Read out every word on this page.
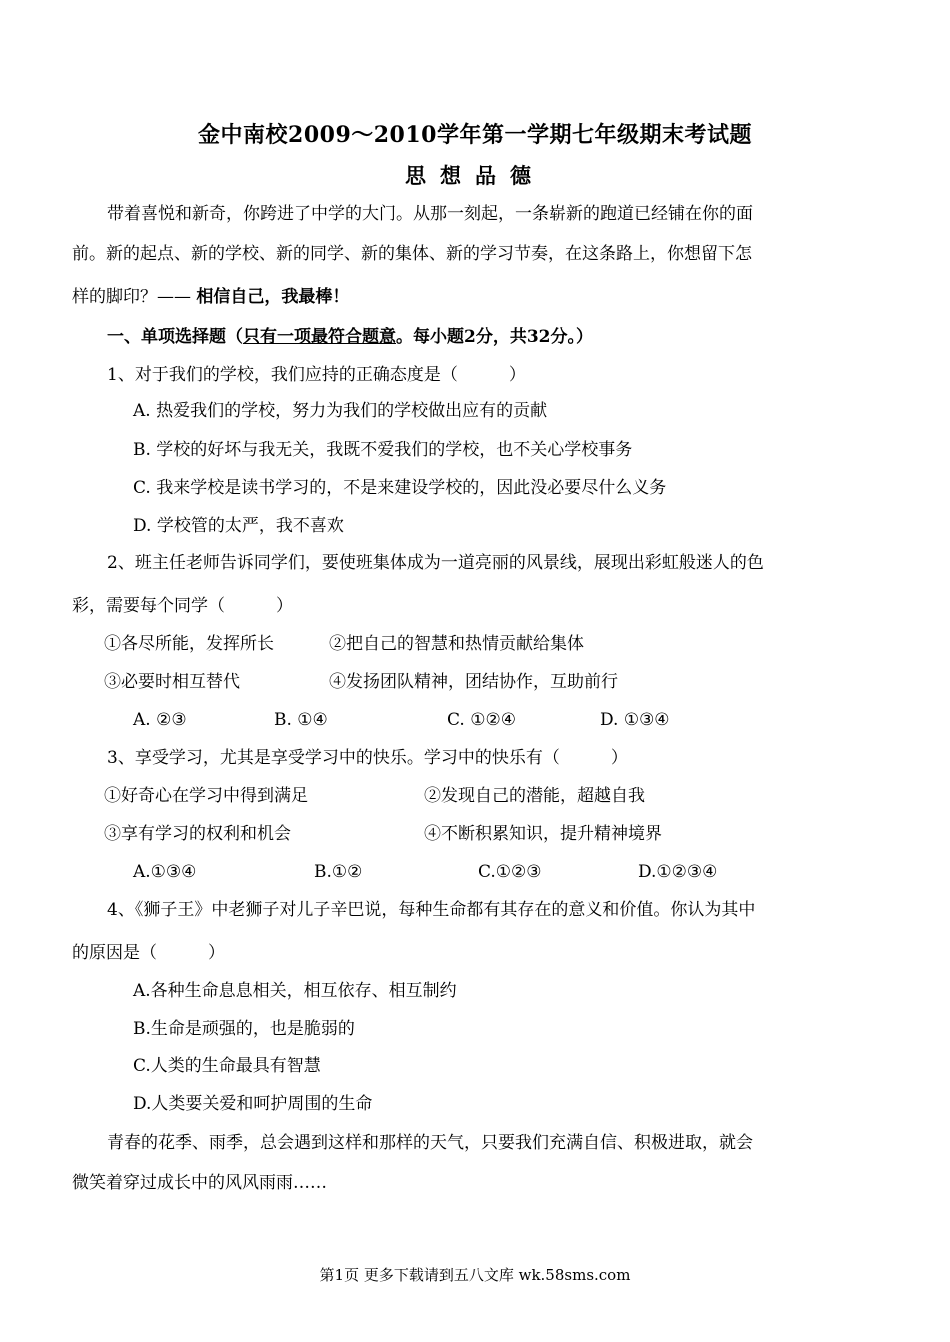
金中南校2009～2010学年第一学期七年级期末考试题
思想品德
带着喜悦和新奇，你跨进了中学的大门。从那一刻起，一条崭新的跑道已经铺在你的面
前。新的起点、新的学校、新的同学、新的集体、新的学习节奏，在这条路上，你想留下怎
样的脚印？—— 相信自己，我最棒！
一、单项选择题（只有一项最符合题意。每小题2分，共32分。）
1、对于我们的学校，我们应持的正确态度是（　　　）
A. 热爱我们的学校，努力为我们的学校做出应有的贡献
B. 学校的好坏与我无关，我既不爱我们的学校，也不关心学校事务
C. 我来学校是读书学习的，不是来建设学校的，因此没必要尽什么义务
D. 学校管的太严，我不喜欢
2、班主任老师告诉同学们，要使班集体成为一道亮丽的风景线，展现出彩虹般迷人的色
彩，需要每个同学（　　　）
①各尽所能，发挥所长	②把自己的智慧和热情贡献给集体
③必要时相互替代	④发扬团队精神，团结协作，互助前行
A. ②③	B. ①④	C. ①②④	D. ①③④
3、享受学习，尤其是享受学习中的快乐。学习中的快乐有（　　　）
①好奇心在学习中得到满足	②发现自己的潜能，超越自我
③享有学习的权利和机会	④不断积累知识，提升精神境界
A.①③④	B.①②	C.①②③	D.①②③④
4、《狮子王》中老狮子对儿子辛巴说，每种生命都有其存在的意义和价值。你认为其中
的原因是（　　　）
A.各种生命息息相关，相互依存、相互制约
B.生命是顽强的，也是脆弱的
C.人类的生命最具有智慧
D.人类要关爱和呵护周围的生命
青春的花季、雨季，总会遇到这样和那样的天气，只要我们充满自信、积极进取，就会
微笑着穿过成长中的风风雨雨……
第1页 更多下载请到五八文库 wk.58sms.com
